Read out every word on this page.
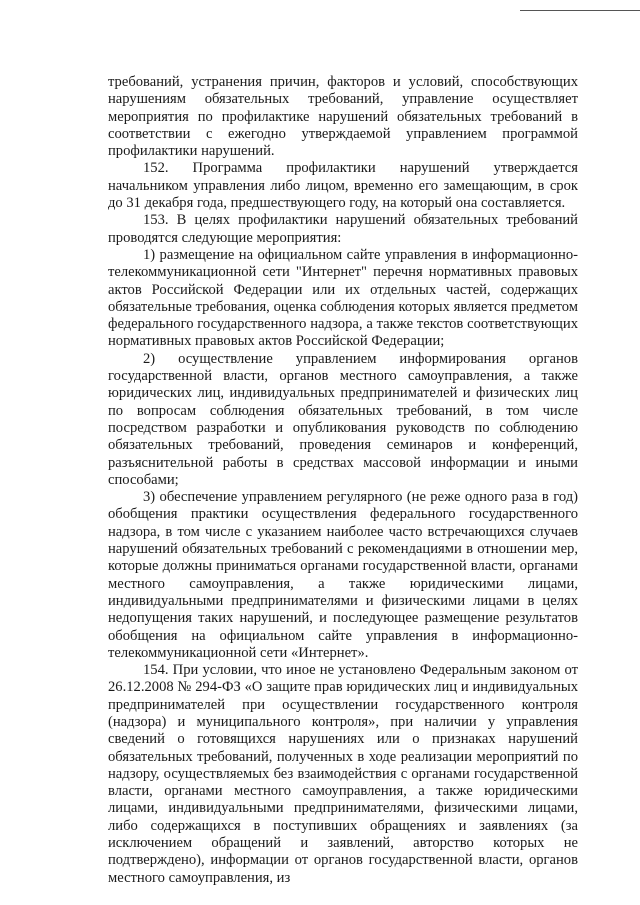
требований, устранения причин, факторов и условий, способствующих нарушениям обязательных требований, управление осуществляет мероприятия по профилактике нарушений обязательных требований в соответствии с ежегодно утверждаемой управлением программой профилактики нарушений.

152. Программа профилактики нарушений утверждается начальником управления либо лицом, временно его замещающим, в срок до 31 декабря года, предшествующего году, на который она составляется.

153. В целях профилактики нарушений обязательных требований проводятся следующие мероприятия:

1) размещение на официальном сайте управления в информационно-телекоммуникационной сети "Интернет" перечня нормативных правовых актов Российской Федерации или их отдельных частей, содержащих обязательные требования, оценка соблюдения которых является предметом федерального государственного надзора, а также текстов соответствующих нормативных правовых актов Российской Федерации;

2) осуществление управлением информирования органов государственной власти, органов местного самоуправления, а также юридических лиц, индивидуальных предпринимателей и физических лиц по вопросам соблюдения обязательных требований, в том числе посредством разработки и опубликования руководств по соблюдению обязательных требований, проведения семинаров и конференций, разъяснительной работы в средствах массовой информации и иными способами;

3) обеспечение управлением регулярного (не реже одного раза в год) обобщения практики осуществления федерального государственного надзора, в том числе с указанием наиболее часто встречающихся случаев нарушений обязательных требований с рекомендациями в отношении мер, которые должны приниматься органами государственной власти, органами местного самоуправления, а также юридическими лицами, индивидуальными предпринимателями и физическими лицами в целях недопущения таких нарушений, и последующее размещение результатов обобщения на официальном сайте управления в информационно-телекоммуникационной сети «Интернет».

154. При условии, что иное не установлено Федеральным законом от 26.12.2008 № 294-ФЗ «О защите прав юридических лиц и индивидуальных предпринимателей при осуществлении государственного контроля (надзора) и муниципального контроля», при наличии у управления сведений о готовящихся нарушениях или о признаках нарушений обязательных требований, полученных в ходе реализации мероприятий по надзору, осуществляемых без взаимодействия с органами государственной власти, органами местного самоуправления, а также юридическими лицами, индивидуальными предпринимателями, физическими лицами, либо содержащихся в поступивших обращениях и заявлениях (за исключением обращений и заявлений, авторство которых не подтверждено), информации от органов государственной власти, органов местного самоуправления, из
